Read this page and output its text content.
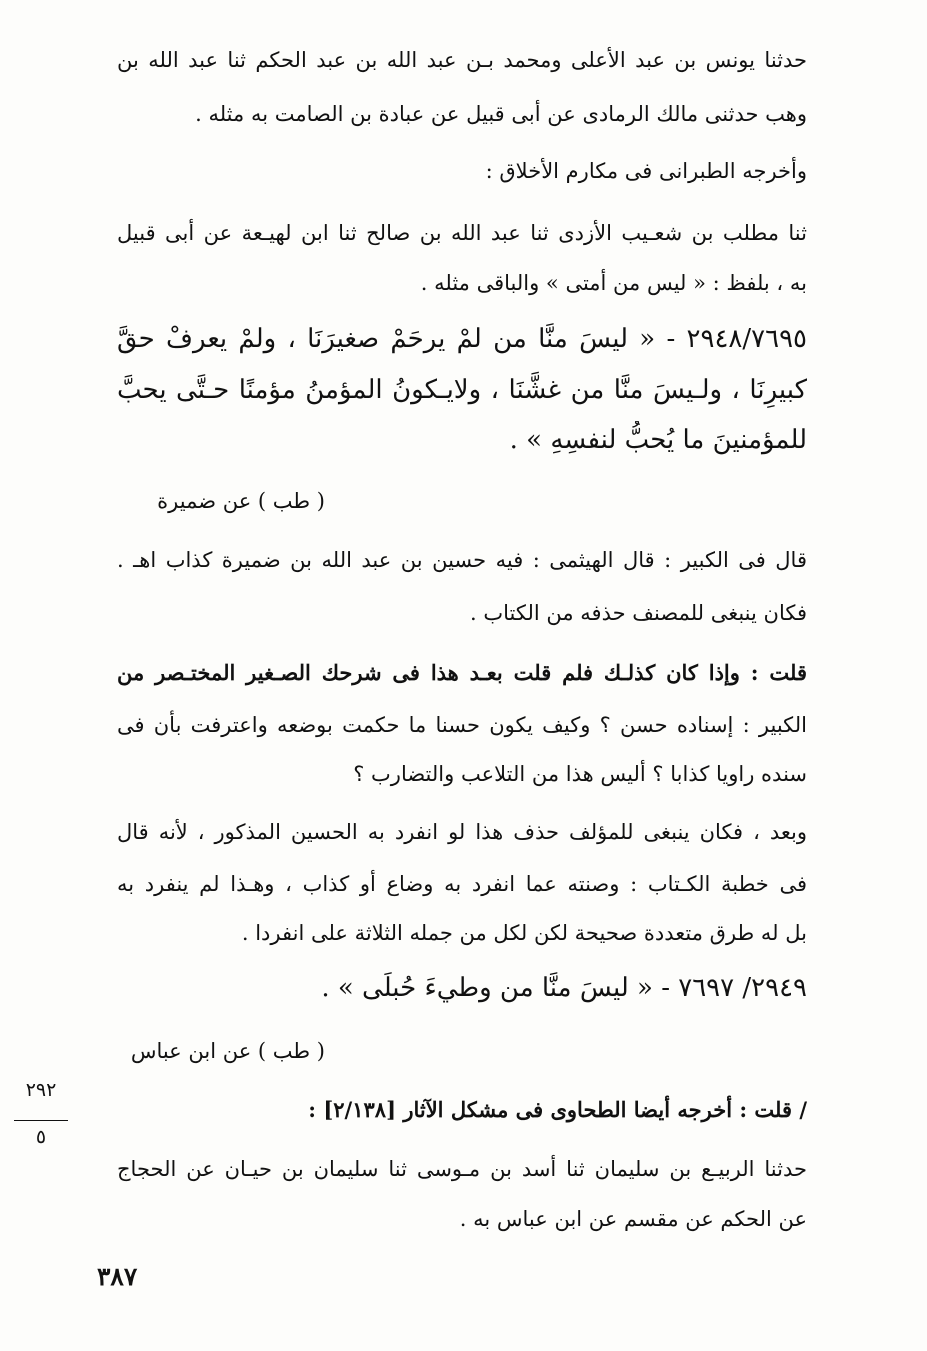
حدثنا يونس بن عبد الأعلى ومحمد بـن عبد الله بن عبد الحكم ثنا عبد الله بن
وهب حدثنى مالك الرمادى عن أبى قبيل عن عبادة بن الصامت به مثله .
وأخرجه الطبرانى فى مكارم الأخلاق :
ثنا مطلب بن شعـيب الأزدى ثنا عبد الله بن صالح ثنا ابن لهيـعة عن أبى قبيل
به ، بلفظ : « ليس من أمتى » والباقى مثله .
٢٩٤٨/٧٦٩٥ - « ليسَ منَّا من لمْ يرحَمْ صغيرَنَا ، ولمْ يعرفْ حقَّ
كبيرِنَا ، ولـيسَ منَّا من غشَّنَا ، ولايـكونُ المؤمنُ مؤمنًا حـتَّى يحبَّ
للمؤمنينَ ما يُحبُّ لنفسِهِ » .
( طب ) عن ضميرة
قال فى الكبير : قال الهيثمى : فيه حسين بن عبد الله بن ضميرة كذاب اهـ .
فكان ينبغى للمصنف حذفه من الكتاب .
قلت : وإذا كان كذلـك فلم قلت بعـد هذا فى شرحك الصـغير المختـصر من
الكبير : إسناده حسن ؟ وكيف يكون حسنا ما حكمت بوضعه واعترفت بأن فى
سنده راويا كذابا ؟ أليس هذا من التلاعب والتضارب ؟
وبعد ، فكان ينبغى للمؤلف حذف هذا لو انفرد به الحسين المذكور ، لأنه قال
فى خطبة الكـتاب : وصنته عما انفرد به وضاع أو كذاب ، وهـذا لم ينفرد به
بل له طرق متعددة صحيحة لكن لكل من جمله الثلاثة على انفردا .
٢٩٤٩/ ٧٦٩٧ - « ليسَ منَّا من وطيءَ حُبلَى » .
( طب ) عن ابن عباس
/ قلت : أخرجه أيضا الطحاوى فى مشكل الآثار [٢/١٣٨] :
حدثنا الربيـع بن سليمان ثنا أسد بن مـوسى ثنا سليمان بن حيـان عن الحجاج
عن الحكم عن مقسم عن ابن عباس به .
٢٩٢
٥
٣٨٧
